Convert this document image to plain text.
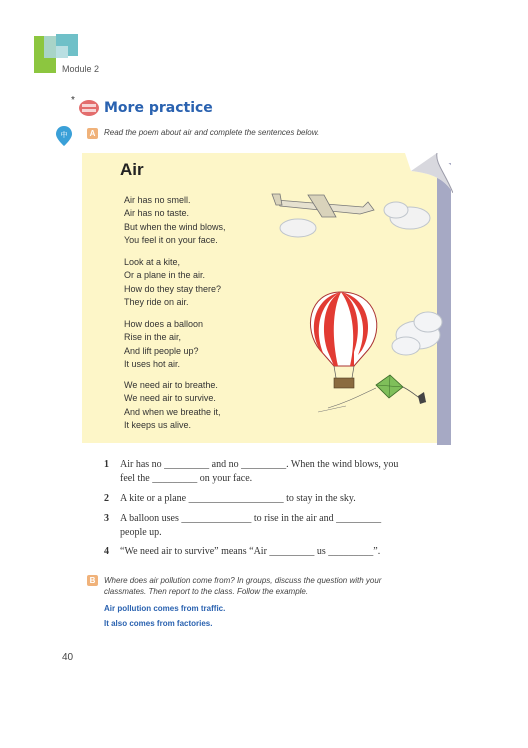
Module 2
* More practice
中	A	Read the poem about air and complete the sentences below.
Air
Air has no smell.
Air has no taste.
But when the wind blows,
You feel it on your face.
Look at a kite,
Or a plane in the air.
How do they stay there?
They ride on air.
How does a balloon
Rise in the air,
And lift people up?
It uses hot air.
We need air to breathe.
We need air to survive.
And when we breathe it,
It keeps us alive.
1 Air has no _________ and no _________. When the wind blows, you
feel the _________ on your face.
2 A kite or a plane ___________________ to stay in the sky.
3 A balloon uses ______________ to rise in the air and _________
people up.
4 “We need air to survive” means “Air _________ us _________”.
B	Where does air pollution come from? In groups, discuss the question with your
classmates. Then report to the class. Follow the example.
Air pollution comes from traffic.
It also comes from factories.
40
